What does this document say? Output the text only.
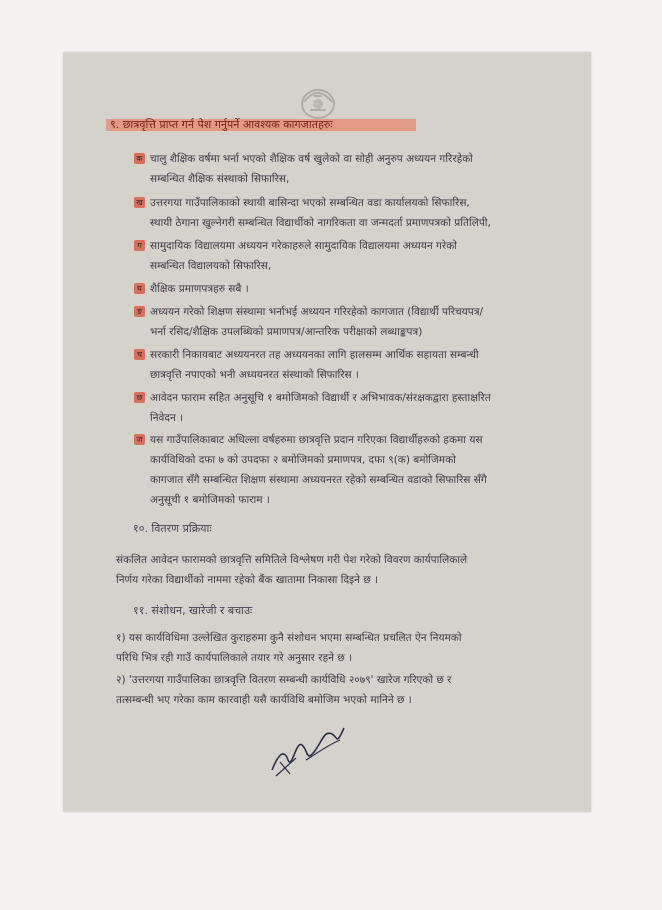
९. छात्रवृत्ति प्राप्त गर्न पेश गर्नुपर्ने आवश्यक कागजातहरुः
क चालु शैक्षिक वर्षमा भर्ना भएको शैक्षिक वर्ष खुलेको वा सोही अनुरुप अध्ययन गरिरहेको
सम्बन्धित शैक्षिक संस्थाको सिफारिस,
ख उत्तरगया गाउँपालिकाको स्थायी बासिन्दा भएको सम्बन्धित वडा कार्यालयको सिफारिस,
स्थायी ठेगाना खुल्नेगरी सम्बन्धित विद्यार्थीको नागरिकता वा जन्मदर्ता प्रमाणपत्रको प्रतिलिपी,
ग सामुदायिक विद्यालयमा अध्ययन गरेकाहरुले सामुदायिक विद्यालयमा अध्ययन गरेको
सम्बन्धित विद्यालयको सिफारिस,
घ शैक्षिक प्रमाणपत्रहरु सबै ।
ङ अध्ययन गरेको शिक्षण संस्थामा भर्नाभई अध्ययन गरिरहेको कागजात (विद्यार्थी परिचयपत्र/
भर्ना रसिद/शैक्षिक उपलब्धिको प्रमाणपत्र/आन्तरिक परीक्षाको लब्धाङ्कपत्र)
च सरकारी निकायबाट अध्ययनरत तह अध्ययनका लागि हालसम्म आर्थिक सहायता सम्बन्धी
छात्रवृत्ति नपाएको भनी अध्ययनरत संस्थाको सिफारिस ।
छ आवेदन फाराम सहित अनुसूचि १ बमोजिमको विद्यार्थी र अभिभावक/संरक्षकद्वारा हस्ताक्षरित
निवेदन ।
ज यस गाउँपालिकाबाट अधिल्ला वर्षहरुमा छात्रवृत्ति प्रदान गरिएका विद्यार्थीहरुको हकमा यस
कार्यविधिको दफा ७ को उपदफा २ बमोजिमको प्रमाणपत्र, दफा ९(क) बमोजिमको
कागजात सँगै सम्बन्धित शिक्षण संस्थामा अध्ययनरत रहेको सम्बन्धित वडाको सिफारिस सँगै
अनुसूची १ बमोजिमको फाराम ।
१०. वितरण प्रक्रियाः
संकलित आवेदन फारामको छात्रवृत्ति समितिले विश्लेषण गरी पेश गरेको विवरण कार्यपालिकाले
निर्णय गरेका विद्यार्थीको नाममा रहेको बैंक खातामा निकासा दिइने छ ।
११. संशोधन, खारेजी र बचाउः
१) यस कार्यविधिमा उल्लेखित कुराहरुमा कुनै संशोधन भएमा सम्बन्धित प्रचलित ऐन नियमको
परिधि भित्र रही गाउँ कार्यपालिकाले तयार गरे अनुसार रहने छ ।
२) 'उत्तरगया गाउँपालिका छात्रवृत्ति वितरण सम्बन्धी कार्यविधि २०७९' खारेज गरिएको छ र
तत्सम्बन्धी भए गरेका काम कारवाही यसै कार्यविधि बमोजिम भएको मानिने छ ।
